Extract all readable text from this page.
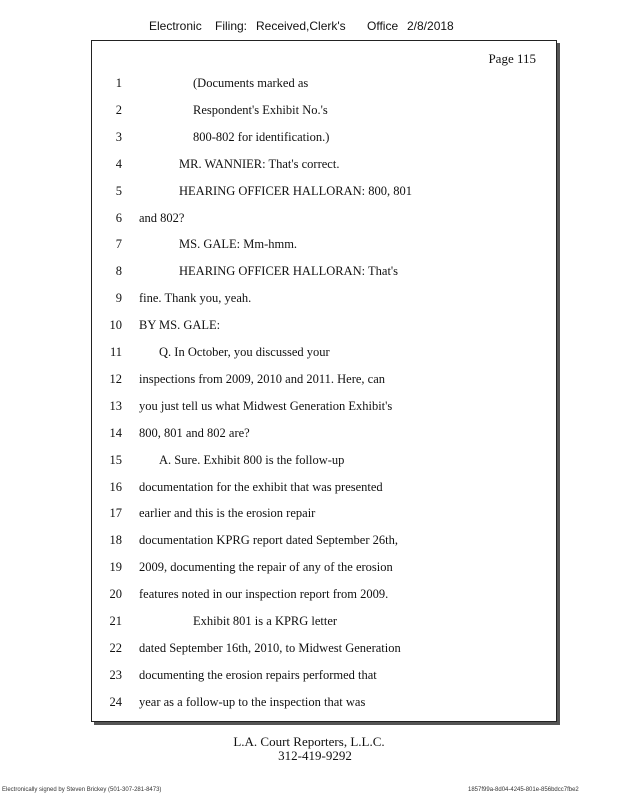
Electronic Filing: Received,Clerk's Office 2/8/2018
Page 115
1	(Documents marked as
2	Respondent's Exhibit No.'s
3	800-802 for identification.)
4	MR. WANNIER: That's correct.
5	HEARING OFFICER HALLORAN: 800, 801
6 and 802?
7	MS. GALE: Mm-hmm.
8	HEARING OFFICER HALLORAN: That's
9 fine. Thank you, yeah.
10 BY MS. GALE:
11	Q. In October, you discussed your
12 inspections from 2009, 2010 and 2011. Here, can
13 you just tell us what Midwest Generation Exhibit's
14 800, 801 and 802 are?
15	A. Sure. Exhibit 800 is the follow-up
16 documentation for the exhibit that was presented
17 earlier and this is the erosion repair
18 documentation KPRG report dated September 26th,
19 2009, documenting the repair of any of the erosion
20 features noted in our inspection report from 2009.
21	Exhibit 801 is a KPRG letter
22 dated September 16th, 2010, to Midwest Generation
23 documenting the erosion repairs performed that
24 year as a follow-up to the inspection that was
L.A. Court Reporters, L.L.C.
312-419-9292
Electronically signed by Steven Brickey (501-307-281-8473)	1857f99a-8d04-4245-801e-856bdcc7fbe2
